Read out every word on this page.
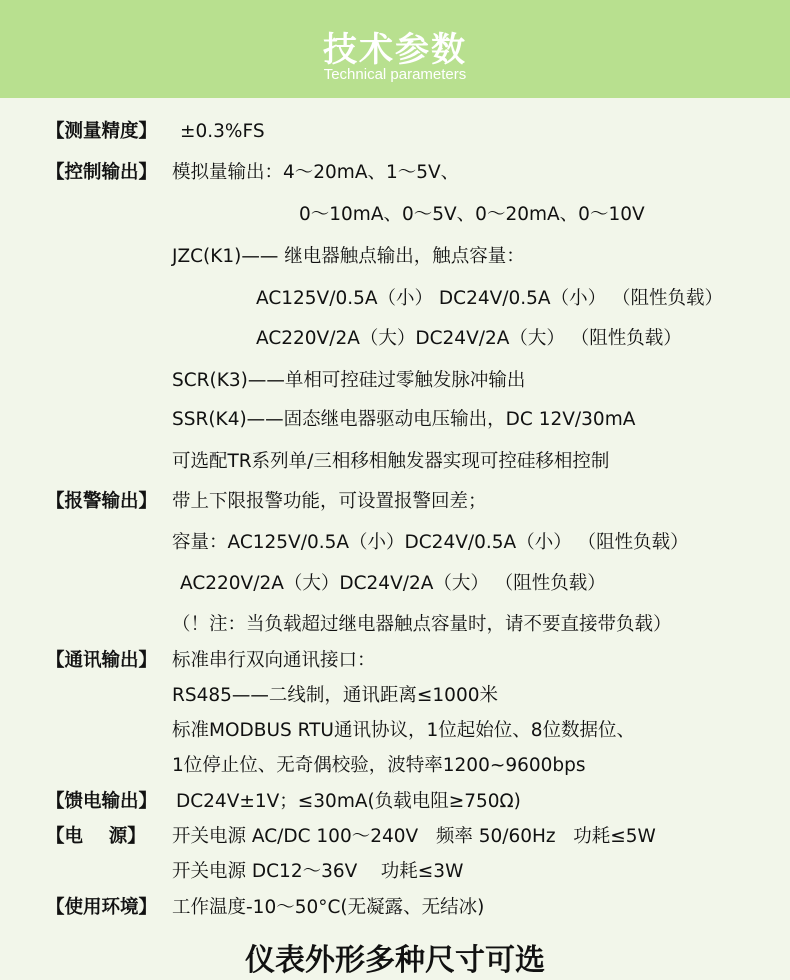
技术参数
Technical parameters
【测量精度】 ±0.3%FS
【控制输出】 模拟量输出：4～20mA、1～5V、
0～10mA、0～5V、0～20mA、0～10V
JZC(K1)—— 继电器触点输出，触点容量：
AC125V/0.5A（小） DC24V/0.5A（小） （阻性负载）
AC220V/2A（大）DC24V/2A（大） （阻性负载）
SCR(K3)——单相可控硅过零触发脉冲输出
SSR(K4)——固态继电器驱动电压输出，DC 12V/30mA
可选配TR系列单/三相移相触发器实现可控硅移相控制
【报警输出】 带上下限报警功能，可设置报警回差；
容量：AC125V/0.5A（小）DC24V/0.5A（小） （阻性负载）
AC220V/2A（大）DC24V/2A（大） （阻性负载）
（！注：当负载超过继电器触点容量时，请不要直接带负载）
【通讯输出】 标准串行双向通讯接口：
RS485——二线制，通讯距离≤1000米
标准MODBUS RTU通讯协议，1位起始位、8位数据位、
1位停止位、无奇偶校验，波特率1200~9600bps
【馈电输出】 DC24V±1V；≤30mA(负载电阻≥750Ω)
【电    源】 开关电源 AC/DC 100～240V   频率 50/60Hz   功耗≤5W
开关电源 DC12～36V    功耗≤3W
【使用环境】 工作温度-10～50°C(无凝露、无结冰)
仪表外形多种尺寸可选
